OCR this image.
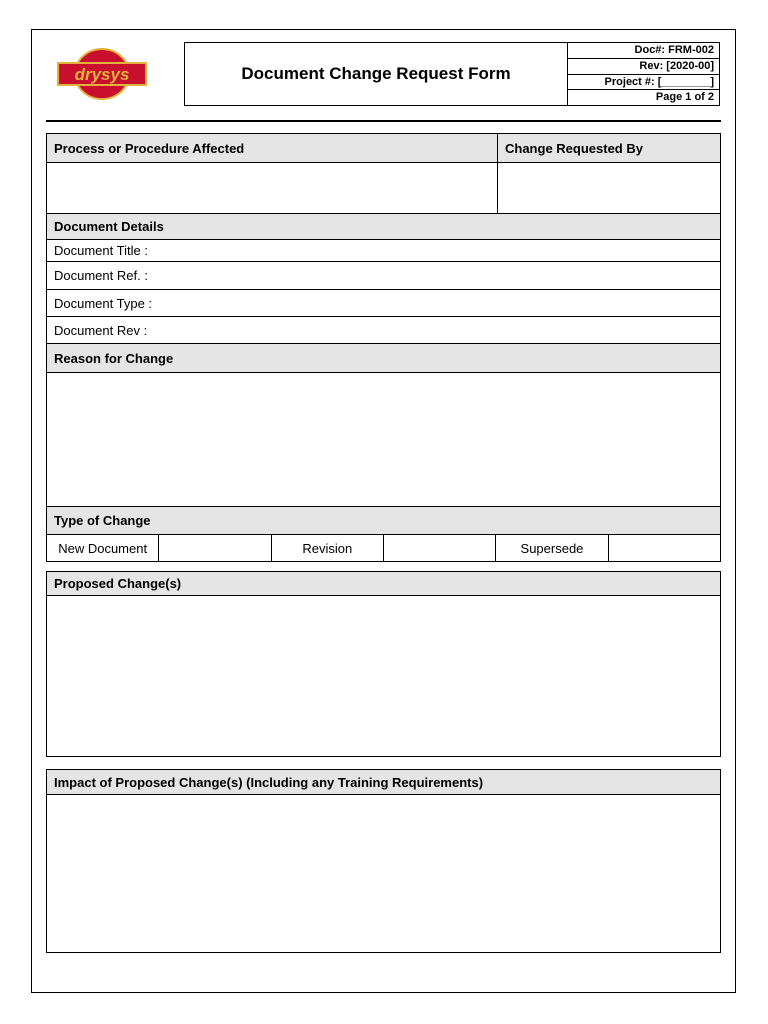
drysys	Document Change Request Form
Doc#: FRM-002
Rev: [2020-00]
Project #: [________]
Page 1 of 2
Process or Procedure Affected	Change Requested By
Document Details
Document Title :
Document Ref. :
Document Type :
Document Rev :
Reason for Change
Type of Change
New Document	Revision	Supersede
Proposed Change(s)
Impact of Proposed Change(s) (Including any Training Requirements)
